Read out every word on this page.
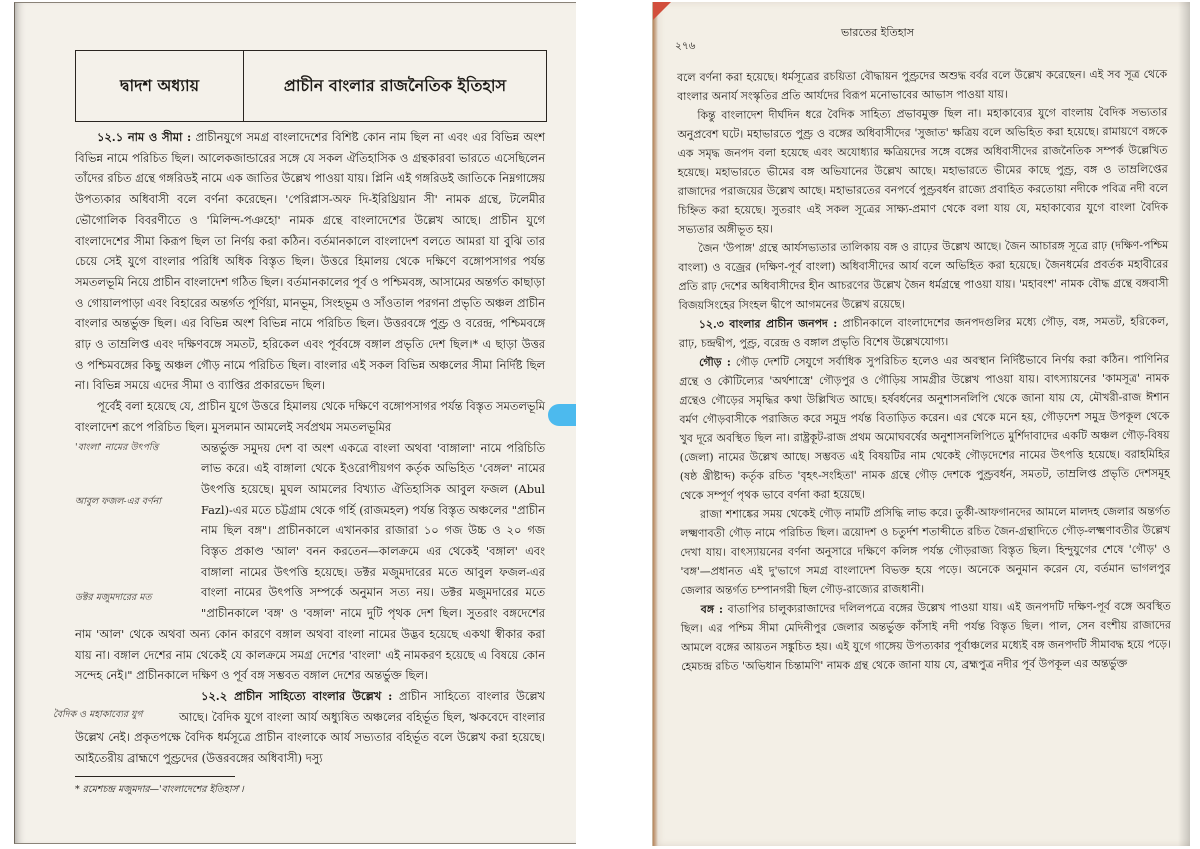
দ্বাদশ অধ্যায়	প্রাচীন বাংলার রাজনৈতিক ইতিহাস

১২.১ নাম ও সীমা : প্রাচীনযুগে সমগ্র বাংলাদেশের বিশিষ্ট কোন নাম ছিল না এবং এর বিভিন্ন অংশ বিভিন্ন নামে পরিচিত ছিল। আলেকজান্ডারের সঙ্গে যে সকল ঐতিহাসিক ও গ্রন্থকারবা ভারতে এসেছিলেন তাঁদের রচিত গ্রন্থে গঙ্গরিডই নামে এক জাতির উল্লেখ পাওয়া যায়। প্লিনি এই গঙ্গরিডই জাতিকে নিম্নগাঙ্গেয় উপত্যকার অধিবাসী বলে বর্ণনা করেছেন। 'পেরিপ্লাস-অফ দি-ইরিথ্রিয়ান সী' নামক গ্রন্থে, টলেমীর ভৌগোলিক বিবরণীতে ও 'মিলিন্দ-পঞহো' নামক গ্রন্থে বাংলাদেশের উল্লেখ আছে। প্রাচীন যুগে বাংলাদেশের সীমা কিরূপ ছিল তা নির্ণয় করা কঠিন। বর্তমানকালে বাংলাদেশ বলতে আমরা যা বুঝি তার চেয়ে সেই যুগে বাংলার পরিধি অধিক বিস্তৃত ছিল। উত্তরে হিমালয় থেকে দক্ষিণে বঙ্গোপসাগর পর্যন্ত সমতলভূমি নিয়ে প্রাচীন বাংলাদেশ গঠিত ছিল। বর্তমানকালের পূর্ব ও পশ্চিমবঙ্গ, আসামের অন্তর্গত কাছাড়া ও গোয়ালপাড়া এবং বিহারের অন্তর্গত পূর্ণিয়া, মানভূম, সিংহভূম ও সাঁওতাল পরগনা প্রভৃতি অঞ্চল প্রাচীন বাংলার অন্তর্ভুক্ত ছিল। এর বিভিন্ন অংশ বিভিন্ন নামে পরিচিত ছিল। উত্তরবঙ্গে পুণ্ড্র ও বরেন্দ্র, পশ্চিমবঙ্গে রাঢ় ও তাম্রলিপ্ত এবং দক্ষিণবঙ্গে সমতট, হরিকেল এবং পূর্ববঙ্গে বঙ্গাল প্রভৃতি দেশ ছিল।* এ ছাড়া উত্তর ও পশ্চিমবঙ্গের কিছু অঞ্চল গৌড় নামে পরিচিত ছিল। বাংলার এই সকল বিভিন্ন অঞ্চলের সীমা নির্দিষ্ট ছিল না। বিভিন্ন সময়ে এদের সীমা ও ব্যাপ্তির প্রকারভেদ ছিল।

পূর্বেই বলা হয়েছে যে, প্রাচীন যুগে উত্তরে হিমালয় থেকে দক্ষিণে বঙ্গোপসাগর পর্যন্ত বিস্তৃত সমতলভূমি বাংলাদেশ রূপে পরিচিত ছিল। মুসলমান আমলেই সর্বপ্রথম সমতলভূমির

'বাংলা' নামের উৎপত্তি
আবুল ফজল-এর বর্ণনা
ডক্টর মজুমদারের মত
অন্তর্ভুক্ত সমুদয় দেশ বা অংশ একত্রে বাংলা অথবা 'বাঙ্গালা' নামে পরিচিতি লাভ করে। এই বাঙ্গালা থেকে ইওরোপীয়গণ কর্তৃক অভিহিত 'বেঙ্গল' নামের উৎপত্তি হয়েছে। মুঘল আমলের বিখ্যাত ঐতিহাসিক আবুল ফজল (Abul Fazl)-এর মতে চট্টগ্রাম থেকে গর্হি (রাজমহল) পর্যন্ত বিস্তৃত অঞ্চলের "প্রাচীন নাম ছিল বঙ্গ"। প্রাচীনকালে এখানকার রাজারা ১০ গজ উচ্চ ও ২০ গজ বিস্তৃত প্রকাণ্ড 'আল' বনন করতেন—কালক্রমে এর থেকেই 'বঙ্গাল' এবং বাঙ্গালা নামের উৎপত্তি হয়েছে। ডক্টর মজুমদারের মতে আবুল ফজল-এর বাংলা নামের উৎপত্তি সম্পর্কে অনুমান সত্য নয়। ডক্টর মজুমদারের মতে "প্রাচীনকালে 'বঙ্গ' ও 'বঙ্গাল' নামে দুটি পৃথক দেশ ছিল। সুতরাং বঙ্গদেশের নাম 'আল' থেকে অথবা অন্য কোন কারণে বঙ্গাল অথবা বাংলা নামের উদ্ভব হয়েছে একথা স্বীকার করা যায় না। বঙ্গাল দেশের নাম থেকেই যে কালক্রমে সমগ্র দেশের 'বাংলা' এই নামকরণ হয়েছে এ বিষয়ে কোন সন্দেহ নেই।" প্রাচীনকালে দক্ষিণ ও পূর্ব বঙ্গ সম্ভবত বঙ্গাল দেশের অন্তর্ভুক্ত ছিল।

বৈদিক ও মহাকাব্যের যুগ
১২.২ প্রাচীন সাহিত্যে বাংলার উল্লেখ : প্রাচীন সাহিত্যে বাংলার উল্লেখ আছে। বৈদিক যুগে বাংলা আর্য অধ্যুষিত অঞ্চলের বহির্ভূত ছিল, ঋকবেদে বাংলার উল্লেখ নেই। প্রকৃতপক্ষে বৈদিক ধর্মসূত্রে প্রাচীন বাংলাকে আর্য সভ্যতার বহির্ভূত বলে উল্লেখ করা হয়েছে। আইতেরীয় ব্রাহ্মণে পুণ্ড্রদের (উত্তরবঙ্গের অধিবাসী) দস্যু

* রমেশচন্দ্র মজুমদার—'বাংলাদেশের ইতিহাস'।
ভারতের ইতিহাস
২৭৬

বলে বর্ণনা করা হয়েছে। ধর্মসূত্রের রচয়িতা বৌদ্ধায়ন পুণ্ড্রদের অশুদ্ধ বর্বর বলে উল্লেখ করেছেন। এই সব সূত্র থেকে বাংলার অনার্য সংস্কৃতির প্রতি আর্যদের বিরূপ মনোভাবের আভাস পাওয়া যায়।

কিন্তু বাংলাদেশ দীর্ঘদিন ধরে বৈদিক সাহিত্য প্রভাবমুক্ত ছিল না। মহাকাব্যের যুগে বাংলায় বৈদিক সভ্যতার অনুপ্রবেশ ঘটে। মহাভারতে পুণ্ড্র ও বঙ্গের অধিবাসীদের 'সুজাত' ক্ষত্রিয় বলে অভিহিত করা হয়েছে। রামায়ণে বঙ্গকে এক সমৃদ্ধ জনপদ বলা হয়েছে এবং অযোধ্যার ক্ষত্রিয়দের সঙ্গে বঙ্গের অধিবাসীদের রাজনৈতিক সম্পর্ক উল্লেখিত হয়েছে। মহাভারতে ভীমের বঙ্গ অভিযানের উল্লেখ আছে। মহাভারতে ভীমের কাছে পুণ্ড্র, বঙ্গ ও তাম্রলিপ্তের রাজাদের পরাজয়ের উল্লেখ আছে। মহাভারতের বনপর্বে পুণ্ড্রবর্ধন রাজ্যে প্রবাহিত করতোয়া নদীকে পবিত্র নদী বলে চিহ্নিত করা হয়েছে। সুতরাং এই সকল সূত্রের সাক্ষ্য-প্রমাণ থেকে বলা যায় যে, মহাকাব্যের যুগে বাংলা বৈদিক সভ্যতার অঙ্গীভূত হয়।

জৈন 'উপাঙ্গ' গ্রন্থে আর্যসভ্যতার তালিকায় বঙ্গ ও রাঢ়ের উল্লেখ আছে। জৈন আচারঙ্গ সূত্রে রাঢ় (দক্ষিণ-পশ্চিম বাংলা) ও বজ্রের (দক্ষিণ-পূর্ব বাংলা) অধিবাসীদের আর্য বলে অভিহিত করা হয়েছে। জৈনধর্মের প্রবর্তক মহাবীরের প্রতি রাঢ় দেশের অধিবাসীদের হীন আচরণের উল্লেখ জৈন ধর্মগ্রন্থে পাওয়া যায়। 'মহাবংশ' নামক বৌদ্ধ গ্রন্থে বঙ্গবাসী বিজয়সিংহের সিংহল দ্বীপে আগমনের উল্লেখ রয়েছে।

১২.৩ বাংলার প্রাচীন জনপদ : প্রাচীনকালে বাংলাদেশের জনপদগুলির মধ্যে গৌড়, বঙ্গ, সমতট, হরিকেল, রাঢ়, চন্দ্রদ্বীপ, পুণ্ড্র, বরেন্দ্র ও বঙ্গাল প্রভৃতি বিশেষ উল্লেখযোগ্য।

গৌড় : গৌড় দেশটি সেযুগে সর্বাধিক সুপরিচিত হলেও এর অবস্থান নির্দিষ্টভাবে নির্ণয় করা কঠিন। পাণিনির গ্রন্থে ও কৌটিল্যের 'অর্থশাস্ত্রে' গৌড়পুর ও গৌড়িয় সামগ্রীর উল্লেখ পাওয়া যায়। বাৎস্যায়নের 'কামসূত্র' নামক গ্রন্থেও গৌড়ের সমৃদ্ধির কথা উল্লিখিত আছে। হর্ষবর্ধনের অনুশাসনলিপি থেকে জানা যায় যে, মৌখরী-রাজ ঈশান বর্মণ গৌড়বাসীকে পরাজিত করে সমুদ্র পর্যন্ত বিতাড়িত করেন। এর থেকে মনে হয়, গৌড়দেশ সমুদ্র উপকূল থেকে খুব দূরে অবস্থিত ছিল না। রাষ্ট্রকূট-রাজ প্রথম অমোঘবর্ষের অনুশাসনলিপিতে মুর্শিদাবাদের একটি অঞ্চল গৌড়-বিষয় (জেলা) নামের উল্লেখ আছে। সম্ভবত এই বিষয়টির নাম থেকেই গৌড়দেশের নামের উৎপত্তি হয়েছে। বরাহমিহির (ষষ্ঠ খ্রীষ্টাব্দ) কর্তৃক রচিত 'বৃহৎ-সংহিতা' নামক গ্রন্থে গৌড় দেশকে পুণ্ড্রবর্ধন, সমতট, তাম্রলিপ্ত প্রভৃতি দেশসমূহ থেকে সম্পূর্ণ পৃথক ভাবে বর্ণনা করা হয়েছে।

রাজা শশাঙ্কের সময় থেকেই গৌড় নামটি প্রসিদ্ধি লাভ করে। তুর্কী-আফগানদের আমলে মালদহ জেলার অন্তর্গত লক্ষ্মণাবতী গৌড় নামে পরিচিত ছিল। ত্রয়োদশ ও চতুর্দশ শতাব্দীতে রচিত জৈন-গ্রন্থাদিতে গৌড়-লক্ষ্মণাবতীর উল্লেখ দেখা যায়। বাৎস্যায়নের বর্ণনা অনুসারে দক্ষিণে কলিঙ্গ পর্যন্ত গৌড়রাজ্য বিস্তৃত ছিল। হিন্দুযুগের শেষে 'গৌড়' ও 'বঙ্গ'—প্রধানত এই দু'ভাগে সমগ্র বাংলাদেশ বিভক্ত হয়ে পড়ে। অনেকে অনুমান করেন যে, বর্তমান ভাগলপুর জেলার অন্তর্গত চম্পানগরী ছিল গৌড়-রাজ্যের রাজধানী।

বঙ্গ : বাতাপির চালুক্যরাজাদের দলিলপত্রে বঙ্গের উল্লেখ পাওয়া যায়। এই জনপদটি দক্ষিণ-পূর্ব বঙ্গে অবস্থিত ছিল। এর পশ্চিম সীমা মেদিনীপুর জেলার অন্তর্ভুক্ত কাঁসাই নদী পর্যন্ত বিস্তৃত ছিল। পাল, সেন বংশীয় রাজাদের আমলে বঙ্গের আয়তন সঙ্কুচিত হয়। এই যুগে গাঙ্গেয় উপত্যকার পূর্বাঞ্চলের মধ্যেই বঙ্গ জনপদটি সীমাবদ্ধ হয়ে পড়ে। হেমচন্দ্র রচিত 'অভিধান চিন্তামণি' নামক গ্রন্থ থেকে জানা যায় যে, ব্রহ্মপুত্র নদীর পূর্ব উপকূল এর অন্তর্ভুক্ত
